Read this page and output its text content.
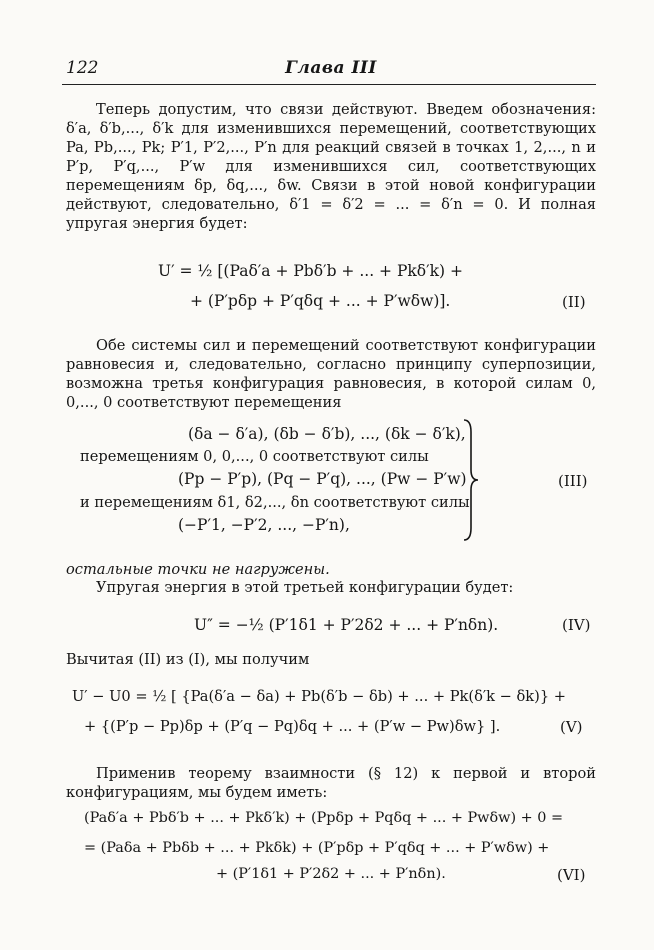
122	Глава III
Теперь допустим, что связи действуют. Введем обозначения: δ′a, δ′b,..., δ′k для изменившихся перемещений, соответствующих Pa, Pb,..., Pk; P′1, P′2,..., P′n для реакций связей в точках 1, 2,..., n и P′p, P′q,..., P′w для изменившихся сил, соответствующих перемещениям δp, δq,..., δw. Связи в этой новой конфигурации действуют, следовательно, δ′1 = δ′2 = ... = δ′n = 0. И полная упругая энергия будет:
U′ = ½ [(Paδ′a + Pbδ′b + ... + Pkδ′k) +
+ (P′pδp + P′qδq + ... + P′wδw)].	(II)
Обе системы сил и перемещений соответствуют конфигурации равновесия и, следовательно, согласно принципу суперпозиции, возможна третья конфигурация равновесия, в которой силам 0, 0,..., 0 соответствуют перемещения
(δa − δ′a), (δb − δ′b), ..., (δk − δ′k),
перемещениям 0, 0,..., 0 соответствуют силы
(Pp − P′p), (Pq − P′q), ..., (Pw − P′w)
и перемещениям δ1, δ2,..., δn соответствуют силы
(−P′1, −P′2, ..., −P′n),
(III)
остальные точки не нагружены.
Упругая энергия в этой третьей конфигурации будет:
U″ = −½ (P′1δ1 + P′2δ2 + ... + P′nδn).	(IV)
Вычитая (II) из (I), мы получим
U′ − U0 = ½ [ {Pa(δ′a − δa) + Pb(δ′b − δb) + ... + Pk(δ′k − δk)} +
+ {(P′p − Pp)δp + (P′q − Pq)δq + ... + (P′w − Pw)δw} ].	(V)
Применив теорему взаимности (§ 12) к первой и второй конфигурациям, мы будем иметь:
(Paδ′a + Pbδ′b + ... + Pkδ′k) + (Ppδp + Pqδq + ... + Pwδw) + 0 =
= (Paδa + Pbδb + ... + Pkδk) + (P′pδp + P′qδq + ... + P′wδw) +
+ (P′1δ1 + P′2δ2 + ... + P′nδn).	(VI)
